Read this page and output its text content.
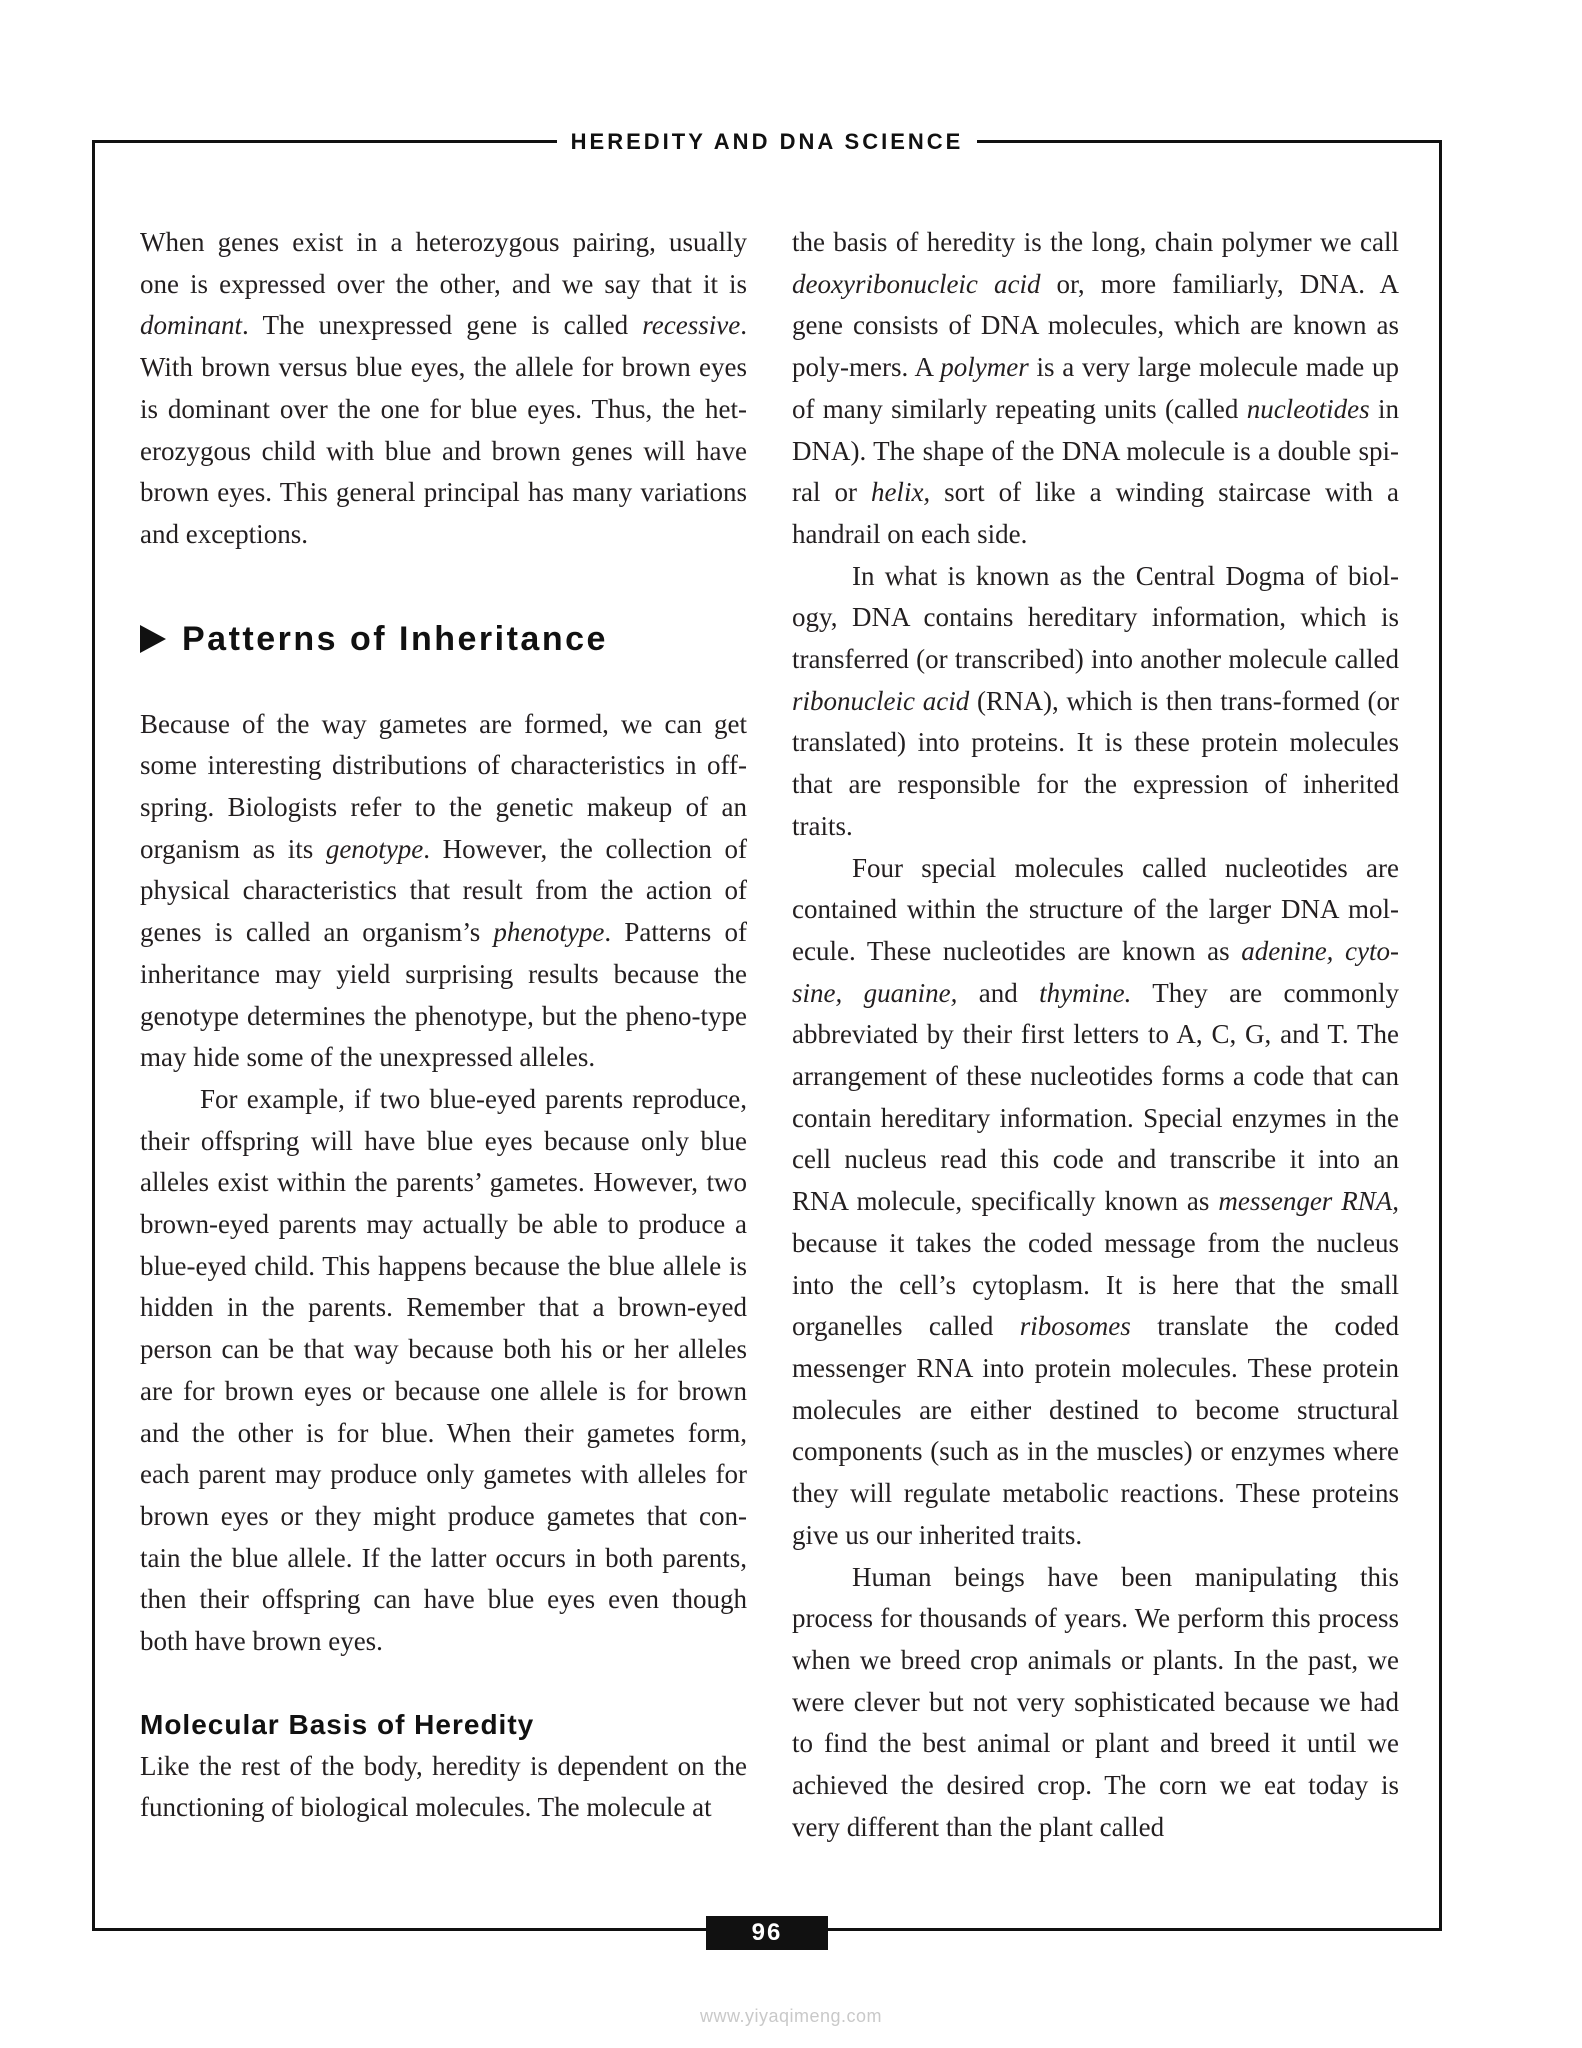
HEREDITY AND DNA SCIENCE

When genes exist in a heterozygous pairing, usually one is expressed over the other, and we say that it is dominant. The unexpressed gene is called recessive. With brown versus blue eyes, the allele for brown eyes is dominant over the one for blue eyes. Thus, the het-erozygous child with blue and brown genes will have brown eyes. This general principal has many variations and exceptions.

Patterns of Inheritance

Because of the way gametes are formed, we can get some interesting distributions of characteristics in off-spring. Biologists refer to the genetic makeup of an organism as its genotype. However, the collection of physical characteristics that result from the action of genes is called an organism’s phenotype. Patterns of inheritance may yield surprising results because the genotype determines the phenotype, but the pheno-type may hide some of the unexpressed alleles.

For example, if two blue-eyed parents reproduce, their offspring will have blue eyes because only blue alleles exist within the parents’ gametes. However, two brown-eyed parents may actually be able to produce a blue-eyed child. This happens because the blue allele is hidden in the parents. Remember that a brown-eyed person can be that way because both his or her alleles are for brown eyes or because one allele is for brown and the other is for blue. When their gametes form, each parent may produce only gametes with alleles for brown eyes or they might produce gametes that con-tain the blue allele. If the latter occurs in both parents, then their offspring can have blue eyes even though both have brown eyes.

Molecular Basis of Heredity

Like the rest of the body, heredity is dependent on the functioning of biological molecules. The molecule at

the basis of heredity is the long, chain polymer we call deoxyribonucleic acid or, more familiarly, DNA. A gene consists of DNA molecules, which are known as poly-mers. A polymer is a very large molecule made up of many similarly repeating units (called nucleotides in DNA). The shape of the DNA molecule is a double spi-ral or helix, sort of like a winding staircase with a handrail on each side.

In what is known as the Central Dogma of biol-ogy, DNA contains hereditary information, which is transferred (or transcribed) into another molecule called ribonucleic acid (RNA), which is then trans-formed (or translated) into proteins. It is these protein molecules that are responsible for the expression of inherited traits.

Four special molecules called nucleotides are contained within the structure of the larger DNA mol-ecule. These nucleotides are known as adenine, cyto-sine, guanine, and thymine. They are commonly abbreviated by their first letters to A, C, G, and T. The arrangement of these nucleotides forms a code that can contain hereditary information. Special enzymes in the cell nucleus read this code and transcribe it into an RNA molecule, specifically known as messenger RNA, because it takes the coded message from the nucleus into the cell’s cytoplasm. It is here that the small organelles called ribosomes translate the coded messenger RNA into protein molecules. These protein molecules are either destined to become structural components (such as in the muscles) or enzymes where they will regulate metabolic reactions. These proteins give us our inherited traits.

Human beings have been manipulating this process for thousands of years. We perform this process when we breed crop animals or plants. In the past, we were clever but not very sophisticated because we had to find the best animal or plant and breed it until we achieved the desired crop. The corn we eat today is very different than the plant called

96
www.yiyaqimeng.com
